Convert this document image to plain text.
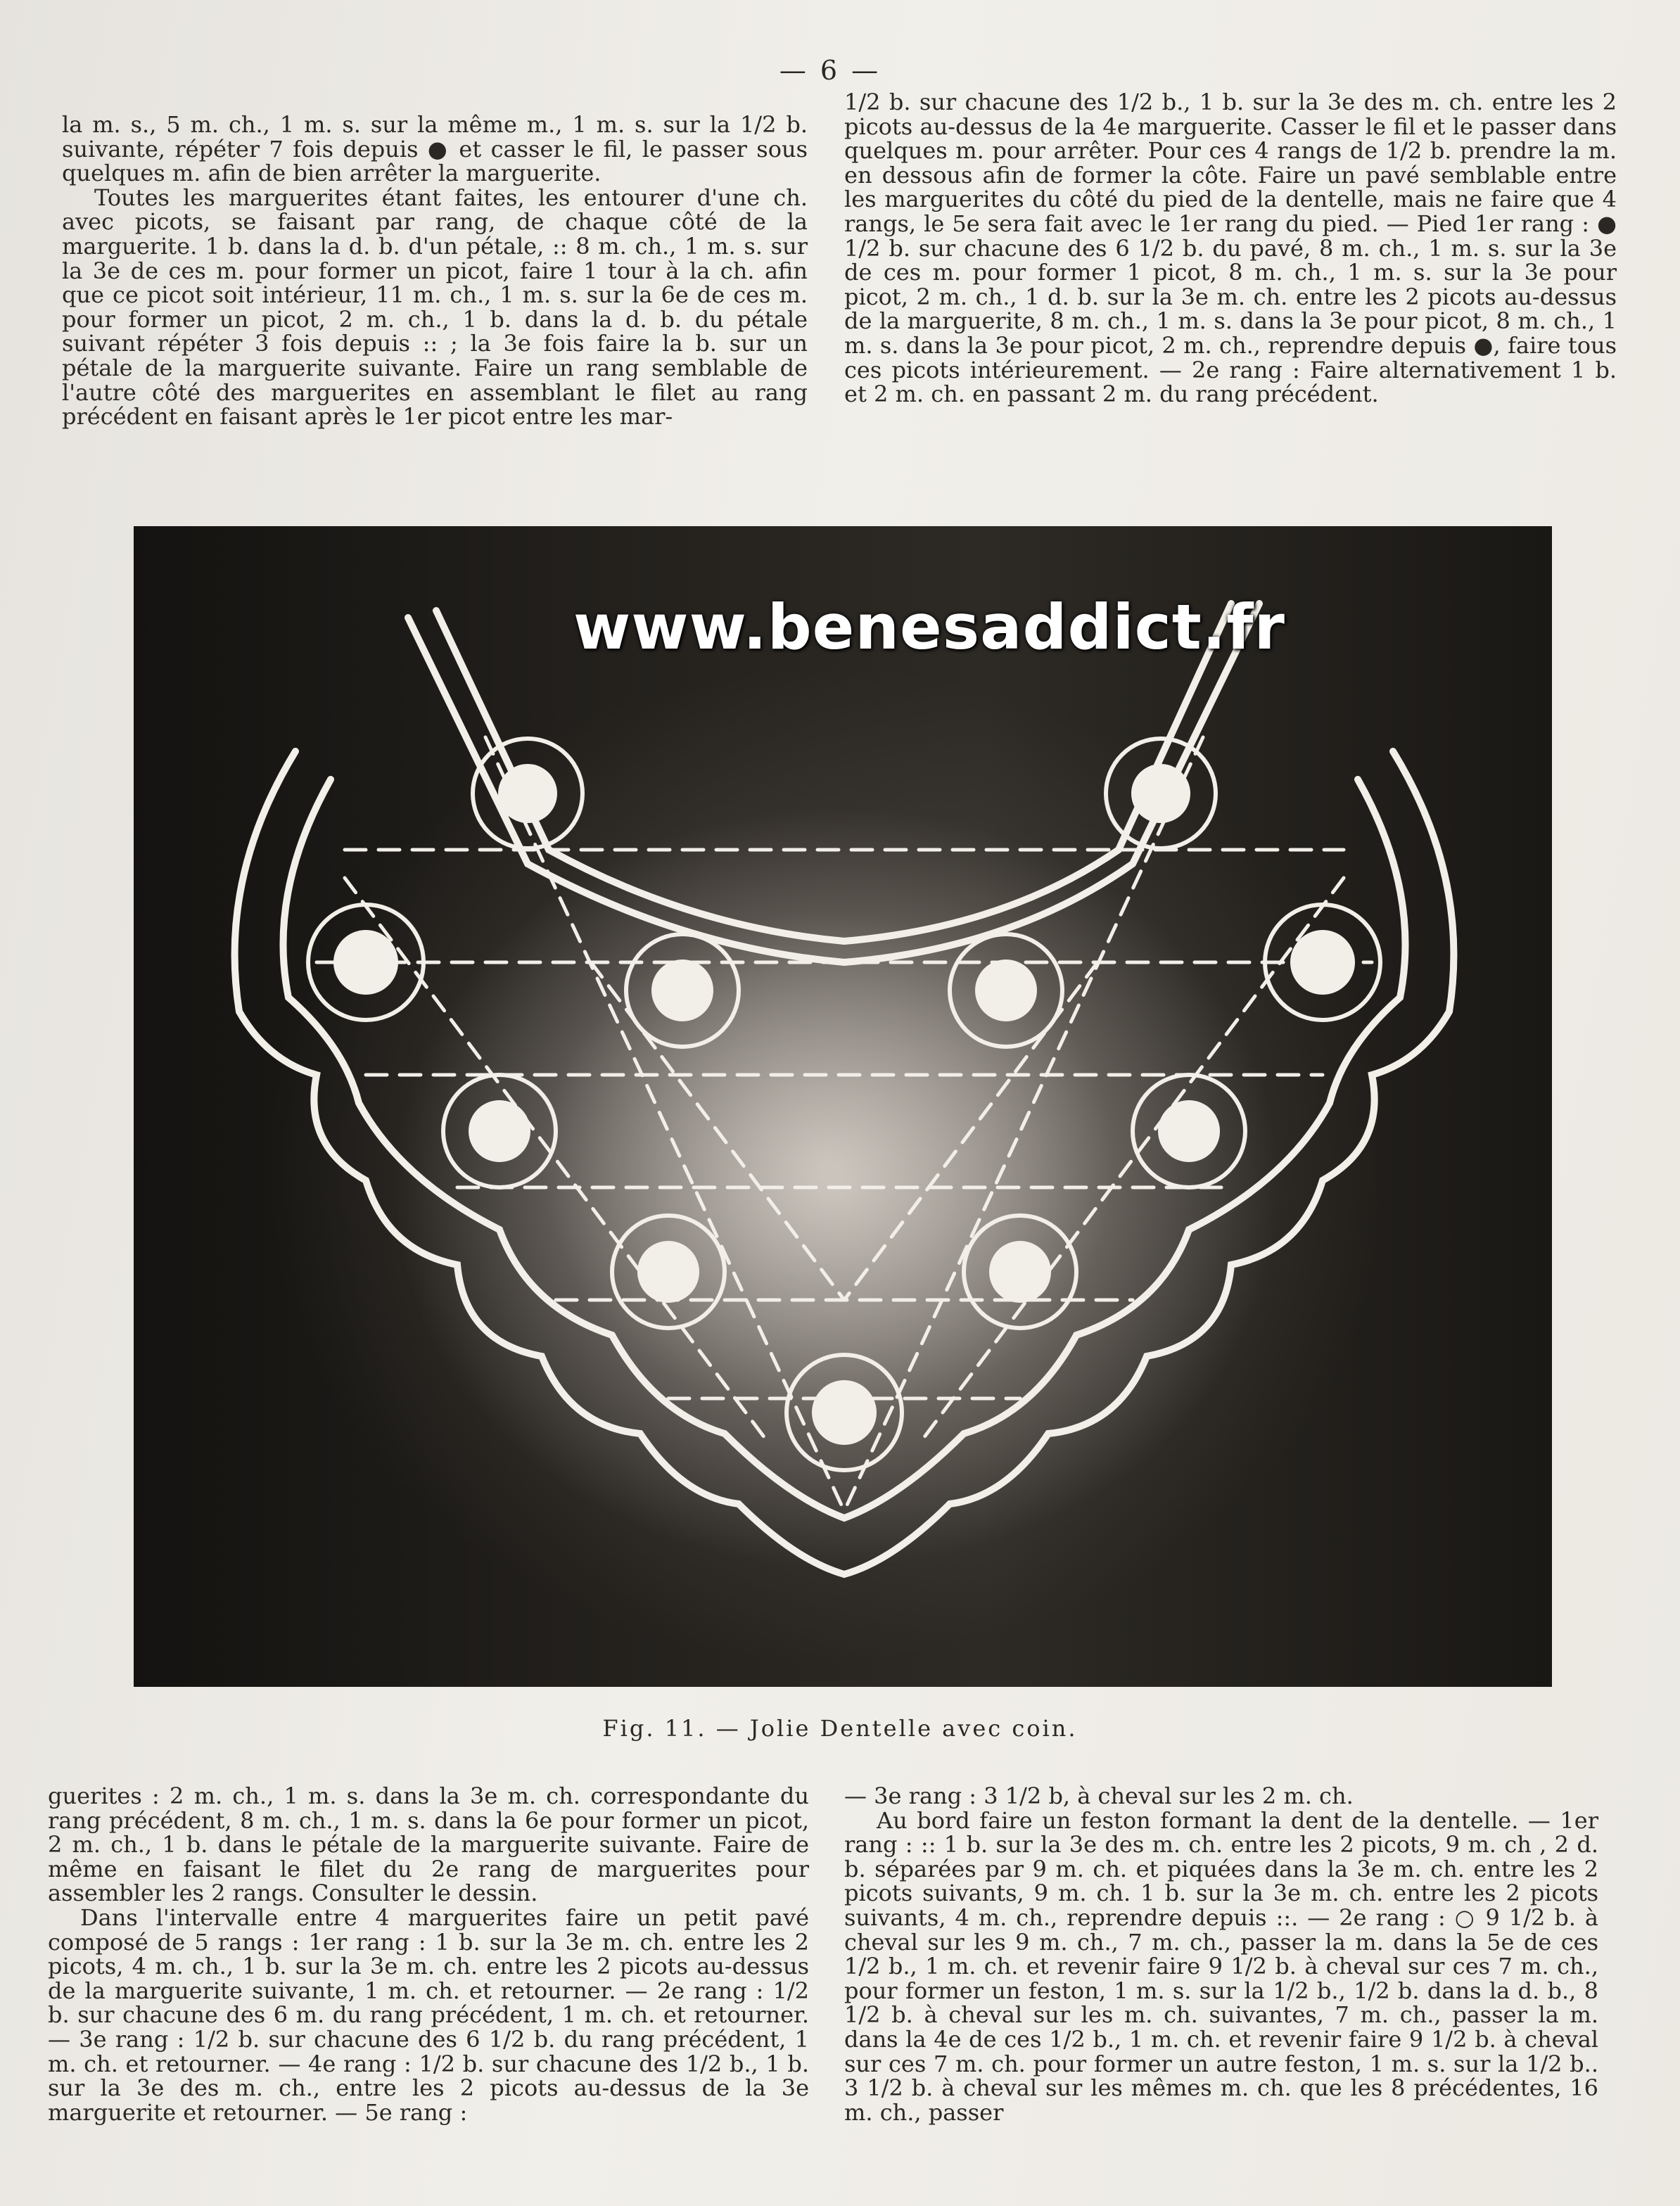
— 6 —

la m. s., 5 m. ch., 1 m. s. sur la même m., 1 m. s. sur la 1/2 b. suivante, répéter 7 fois depuis ● et casser le fil, le passer sous quelques m. afin de bien arrêter la marguerite.

Toutes les marguerites étant faites, les entourer d'une ch. avec picots, se faisant par rang, de chaque côté de la marguerite. 1 b. dans la d. b. d'un pétale, :: 8 m. ch., 1 m. s. sur la 3e de ces m. pour former un picot, faire 1 tour à la ch. afin que ce picot soit intérieur, 11 m. ch., 1 m. s. sur la 6e de ces m. pour former un picot, 2 m. ch., 1 b. dans la d. b. du pétale suivant répéter 3 fois depuis :: ; la 3e fois faire la b. sur un pétale de la marguerite suivante. Faire un rang semblable de l'autre côté des marguerites en assemblant le filet au rang précédent en faisant après le 1er picot entre les mar-

1/2 b. sur chacune des 1/2 b., 1 b. sur la 3e des m. ch. entre les 2 picots au-dessus de la 4e marguerite. Casser le fil et le passer dans quelques m. pour arrêter. Pour ces 4 rangs de 1/2 b. prendre la m. en dessous afin de former la côte. Faire un pavé semblable entre les marguerites du côté du pied de la dentelle, mais ne faire que 4 rangs, le 5e sera fait avec le 1er rang du pied. — Pied 1er rang : ● 1/2 b. sur chacune des 6 1/2 b. du pavé, 8 m. ch., 1 m. s. sur la 3e de ces m. pour former 1 picot, 8 m. ch., 1 m. s. sur la 3e pour picot, 2 m. ch., 1 d. b. sur la 3e m. ch. entre les 2 picots au-dessus de la marguerite, 8 m. ch., 1 m. s. dans la 3e pour picot, 8 m. ch., 1 m. s. dans la 3e pour picot, 2 m. ch., reprendre depuis ●, faire tous ces picots intérieurement. — 2e rang : Faire alternativement 1 b. et 2 m. ch. en passant 2 m. du rang précédent.

www.benesaddict.fr
Fig. 11. — Jolie Dentelle avec coin.

guerites : 2 m. ch., 1 m. s. dans la 3e m. ch. correspondante du rang précédent, 8 m. ch., 1 m. s. dans la 6e pour former un picot, 2 m. ch., 1 b. dans le pétale de la marguerite suivante. Faire de même en faisant le filet du 2e rang de marguerites pour assembler les 2 rangs. Consulter le dessin.

Dans l'intervalle entre 4 marguerites faire un petit pavé composé de 5 rangs : 1er rang : 1 b. sur la 3e m. ch. entre les 2 picots, 4 m. ch., 1 b. sur la 3e m. ch. entre les 2 picots au-dessus de la marguerite suivante, 1 m. ch. et retourner. — 2e rang : 1/2 b. sur chacune des 6 m. du rang précédent, 1 m. ch. et retourner. — 3e rang : 1/2 b. sur chacune des 6 1/2 b. du rang précédent, 1 m. ch. et retourner. — 4e rang : 1/2 b. sur chacune des 1/2 b., 1 b. sur la 3e des m. ch., entre les 2 picots au-dessus de la 3e marguerite et retourner. — 5e rang :

— 3e rang : 3 1/2 b, à cheval sur les 2 m. ch.

Au bord faire un feston formant la dent de la dentelle. — 1er rang : :: 1 b. sur la 3e des m. ch. entre les 2 picots, 9 m. ch , 2 d. b. séparées par 9 m. ch. et piquées dans la 3e m. ch. entre les 2 picots suivants, 9 m. ch. 1 b. sur la 3e m. ch. entre les 2 picots suivants, 4 m. ch., reprendre depuis ::. — 2e rang : ○ 9 1/2 b. à cheval sur les 9 m. ch., 7 m. ch., passer la m. dans la 5e de ces 1/2 b., 1 m. ch. et revenir faire 9 1/2 b. à cheval sur ces 7 m. ch., pour former un feston, 1 m. s. sur la 1/2 b., 1/2 b. dans la d. b., 8 1/2 b. à cheval sur les m. ch. suivantes, 7 m. ch., passer la m. dans la 4e de ces 1/2 b., 1 m. ch. et revenir faire 9 1/2 b. à cheval sur ces 7 m. ch. pour former un autre feston, 1 m. s. sur la 1/2 b.. 3 1/2 b. à cheval sur les mêmes m. ch. que les 8 précédentes, 16 m. ch., passer
